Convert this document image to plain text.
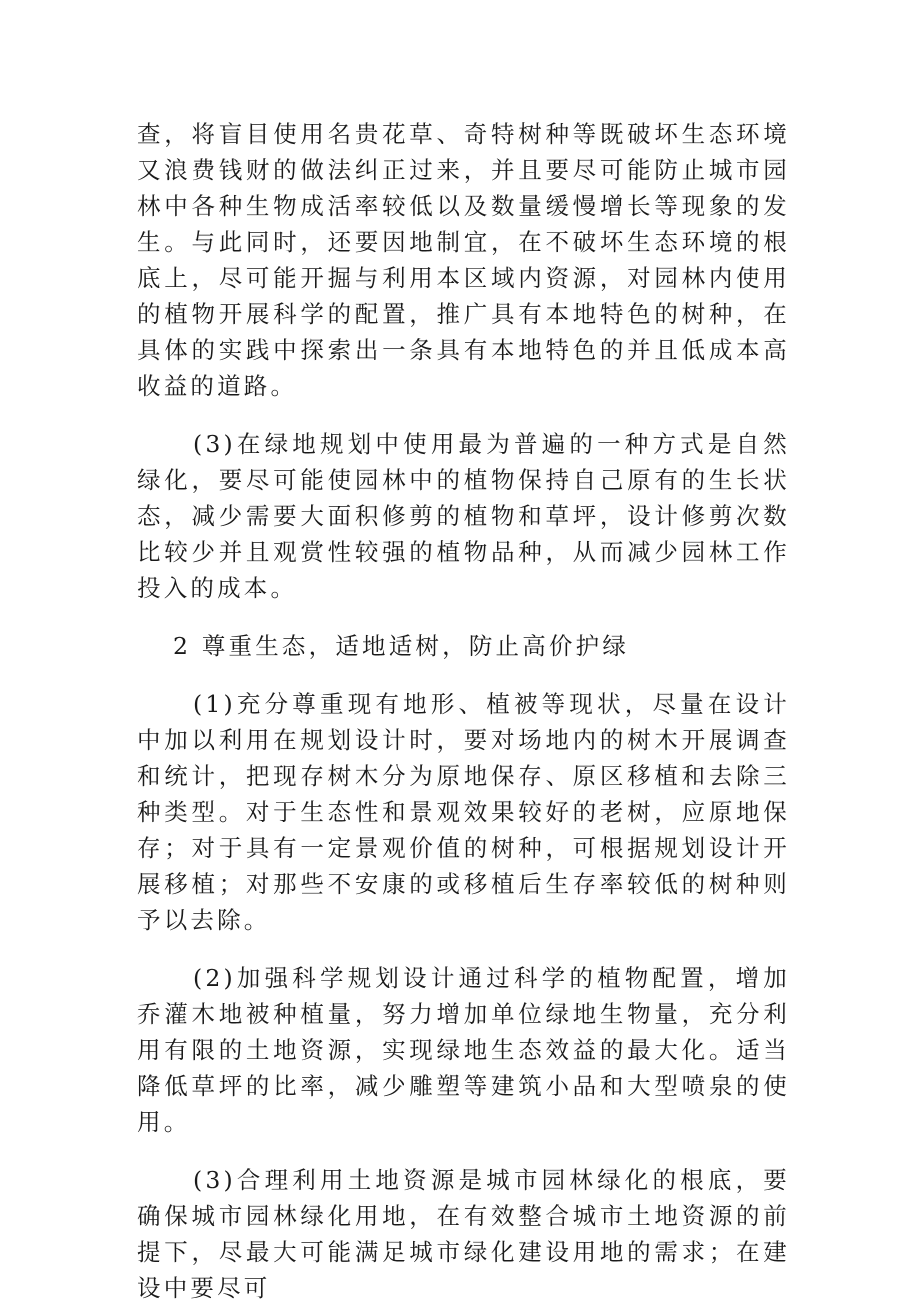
查，将盲目使用名贵花草、奇特树种等既破坏生态环境又浪费钱财的做法纠正过来，并且要尽可能防止城市园林中各种生物成活率较低以及数量缓慢增长等现象的发生。与此同时，还要因地制宜，在不破坏生态环境的根底上，尽可能开掘与利用本区域内资源，对园林内使用的植物开展科学的配置，推广具有本地特色的树种，在具体的实践中探索出一条具有本地特色的并且低成本高收益的道路。

(3)在绿地规划中使用最为普遍的一种方式是自然绿化，要尽可能使园林中的植物保持自己原有的生长状态，减少需要大面积修剪的植物和草坪，设计修剪次数比较少并且观赏性较强的植物品种，从而减少园林工作投入的成本。

2 尊重生态，适地适树，防止高价护绿

(1)充分尊重现有地形、植被等现状，尽量在设计中加以利用在规划设计时，要对场地内的树木开展调查和统计，把现存树木分为原地保存、原区移植和去除三种类型。对于生态性和景观效果较好的老树，应原地保存；对于具有一定景观价值的树种，可根据规划设计开展移植；对那些不安康的或移植后生存率较低的树种则予以去除。

(2)加强科学规划设计通过科学的植物配置，增加乔灌木地被种植量，努力增加单位绿地生物量，充分利用有限的土地资源，实现绿地生态效益的最大化。适当降低草坪的比率，减少雕塑等建筑小品和大型喷泉的使用。

(3)合理利用土地资源是城市园林绿化的根底，要确保城市园林绿化用地，在有效整合城市土地资源的前提下，尽最大可能满足城市绿化建设用地的需求；在建设中要尽可
